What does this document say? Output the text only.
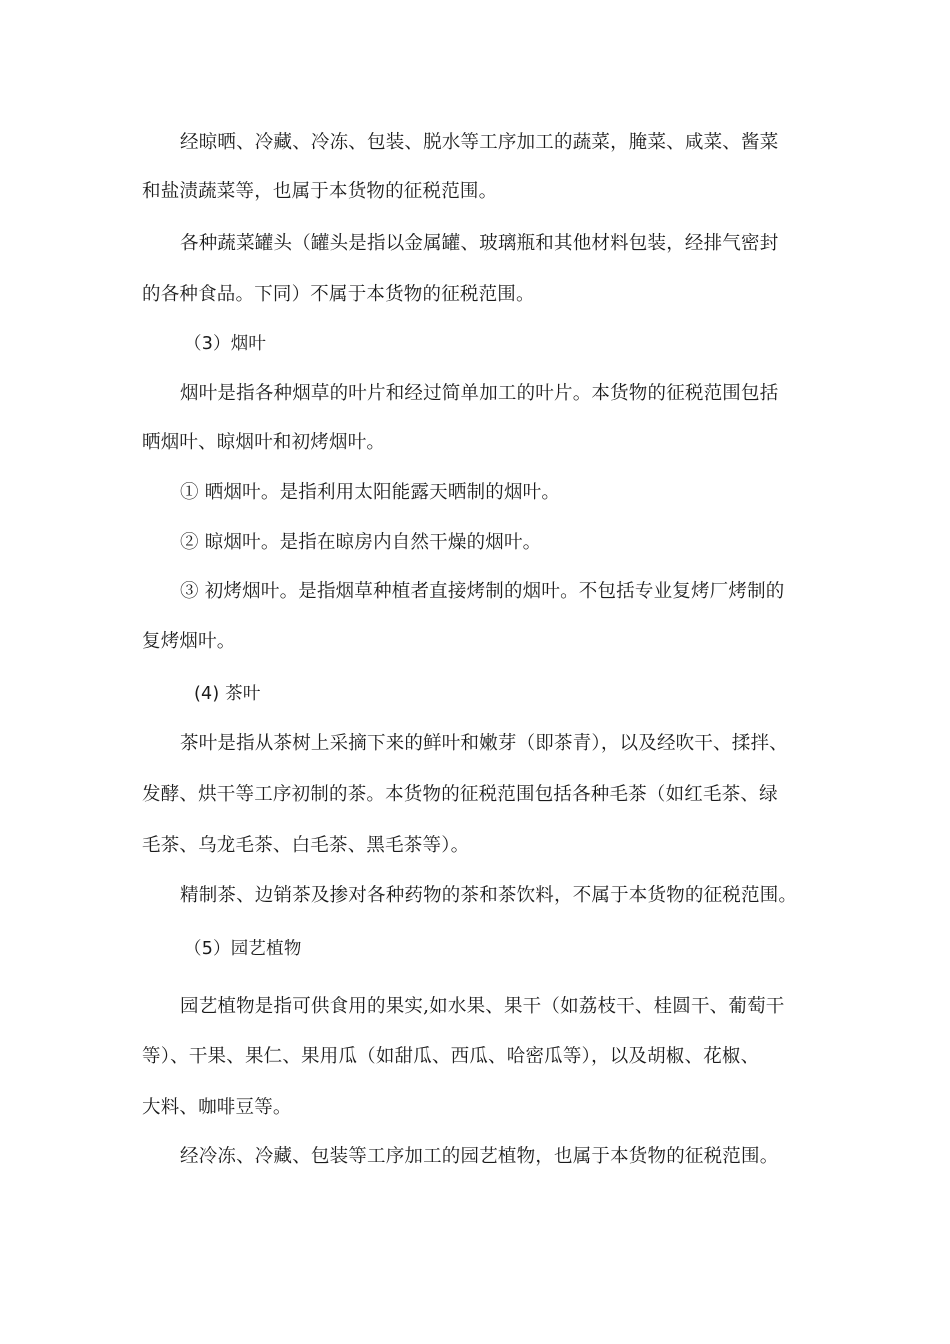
经晾晒、冷藏、冷冻、包装、脱水等工序加工的蔬菜，腌菜、咸菜、酱菜
和盐渍蔬菜等，也属于本货物的征税范围。
各种蔬菜罐头（罐头是指以金属罐、玻璃瓶和其他材料包装，经排气密封
的各种食品。下同）不属于本货物的征税范围。
（3）烟叶
烟叶是指各种烟草的叶片和经过简单加工的叶片。本货物的征税范围包括
晒烟叶、晾烟叶和初烤烟叶。
① 晒烟叶。是指利用太阳能露天晒制的烟叶。
② 晾烟叶。是指在晾房内自然干燥的烟叶。
③ 初烤烟叶。是指烟草种植者直接烤制的烟叶。不包括专业复烤厂烤制的
复烤烟叶。
(4) 茶叶
茶叶是指从茶树上采摘下来的鲜叶和嫩芽（即茶青），以及经吹干、揉拌、
发酵、烘干等工序初制的茶。本货物的征税范围包括各种毛茶（如红毛茶、绿
毛茶、乌龙毛茶、白毛茶、黑毛茶等）。
精制茶、边销茶及掺对各种药物的茶和茶饮料，不属于本货物的征税范围。
（5）园艺植物
园艺植物是指可供食用的果实,如水果、果干（如荔枝干、桂圆干、葡萄干
等）、干果、果仁、果用瓜（如甜瓜、西瓜、哈密瓜等），以及胡椒、花椒、
大料、咖啡豆等。
经冷冻、冷藏、包装等工序加工的园艺植物，也属于本货物的征税范围。
